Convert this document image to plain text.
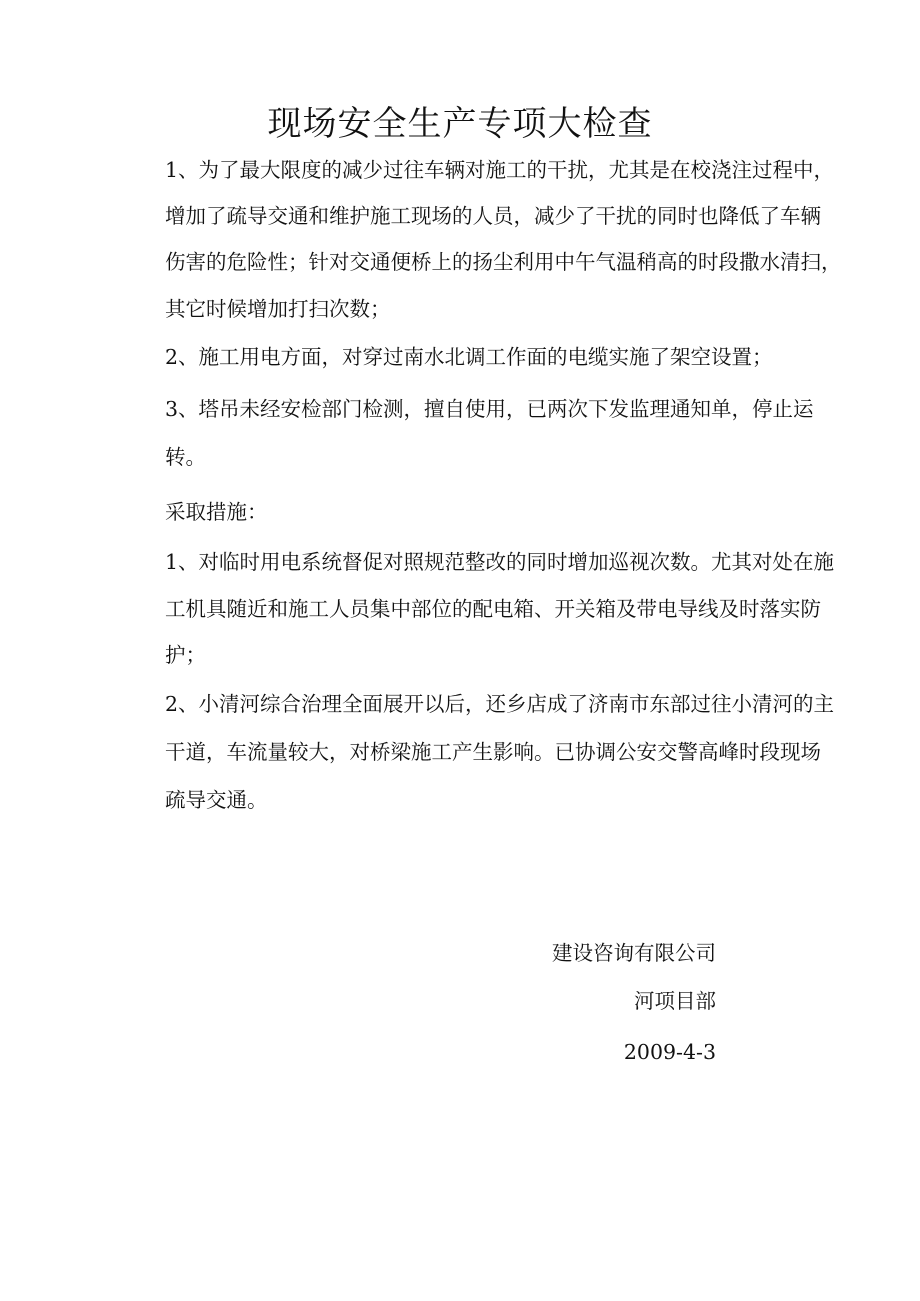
现场安全生产专项大检查
1、为了最大限度的减少过往车辆对施工的干扰，尤其是在校浇注过程中，
增加了疏导交通和维护施工现场的人员，减少了干扰的同时也降低了车辆
伤害的危险性；针对交通便桥上的扬尘利用中午气温稍高的时段撒水清扫，
其它时候增加打扫次数；
2、施工用电方面，对穿过南水北调工作面的电缆实施了架空设置；
3、塔吊未经安检部门检测，擅自使用，已两次下发监理通知单，停止运
转。
采取措施：
1、对临时用电系统督促对照规范整改的同时增加巡视次数。尤其对处在施
工机具随近和施工人员集中部位的配电箱、开关箱及带电导线及时落实防
护；
2、小清河综合治理全面展开以后，还乡店成了济南市东部过往小清河的主
干道，车流量较大，对桥梁施工产生影响。已协调公安交警高峰时段现场
疏导交通。
建设咨询有限公司
河项目部
2009-4-3
